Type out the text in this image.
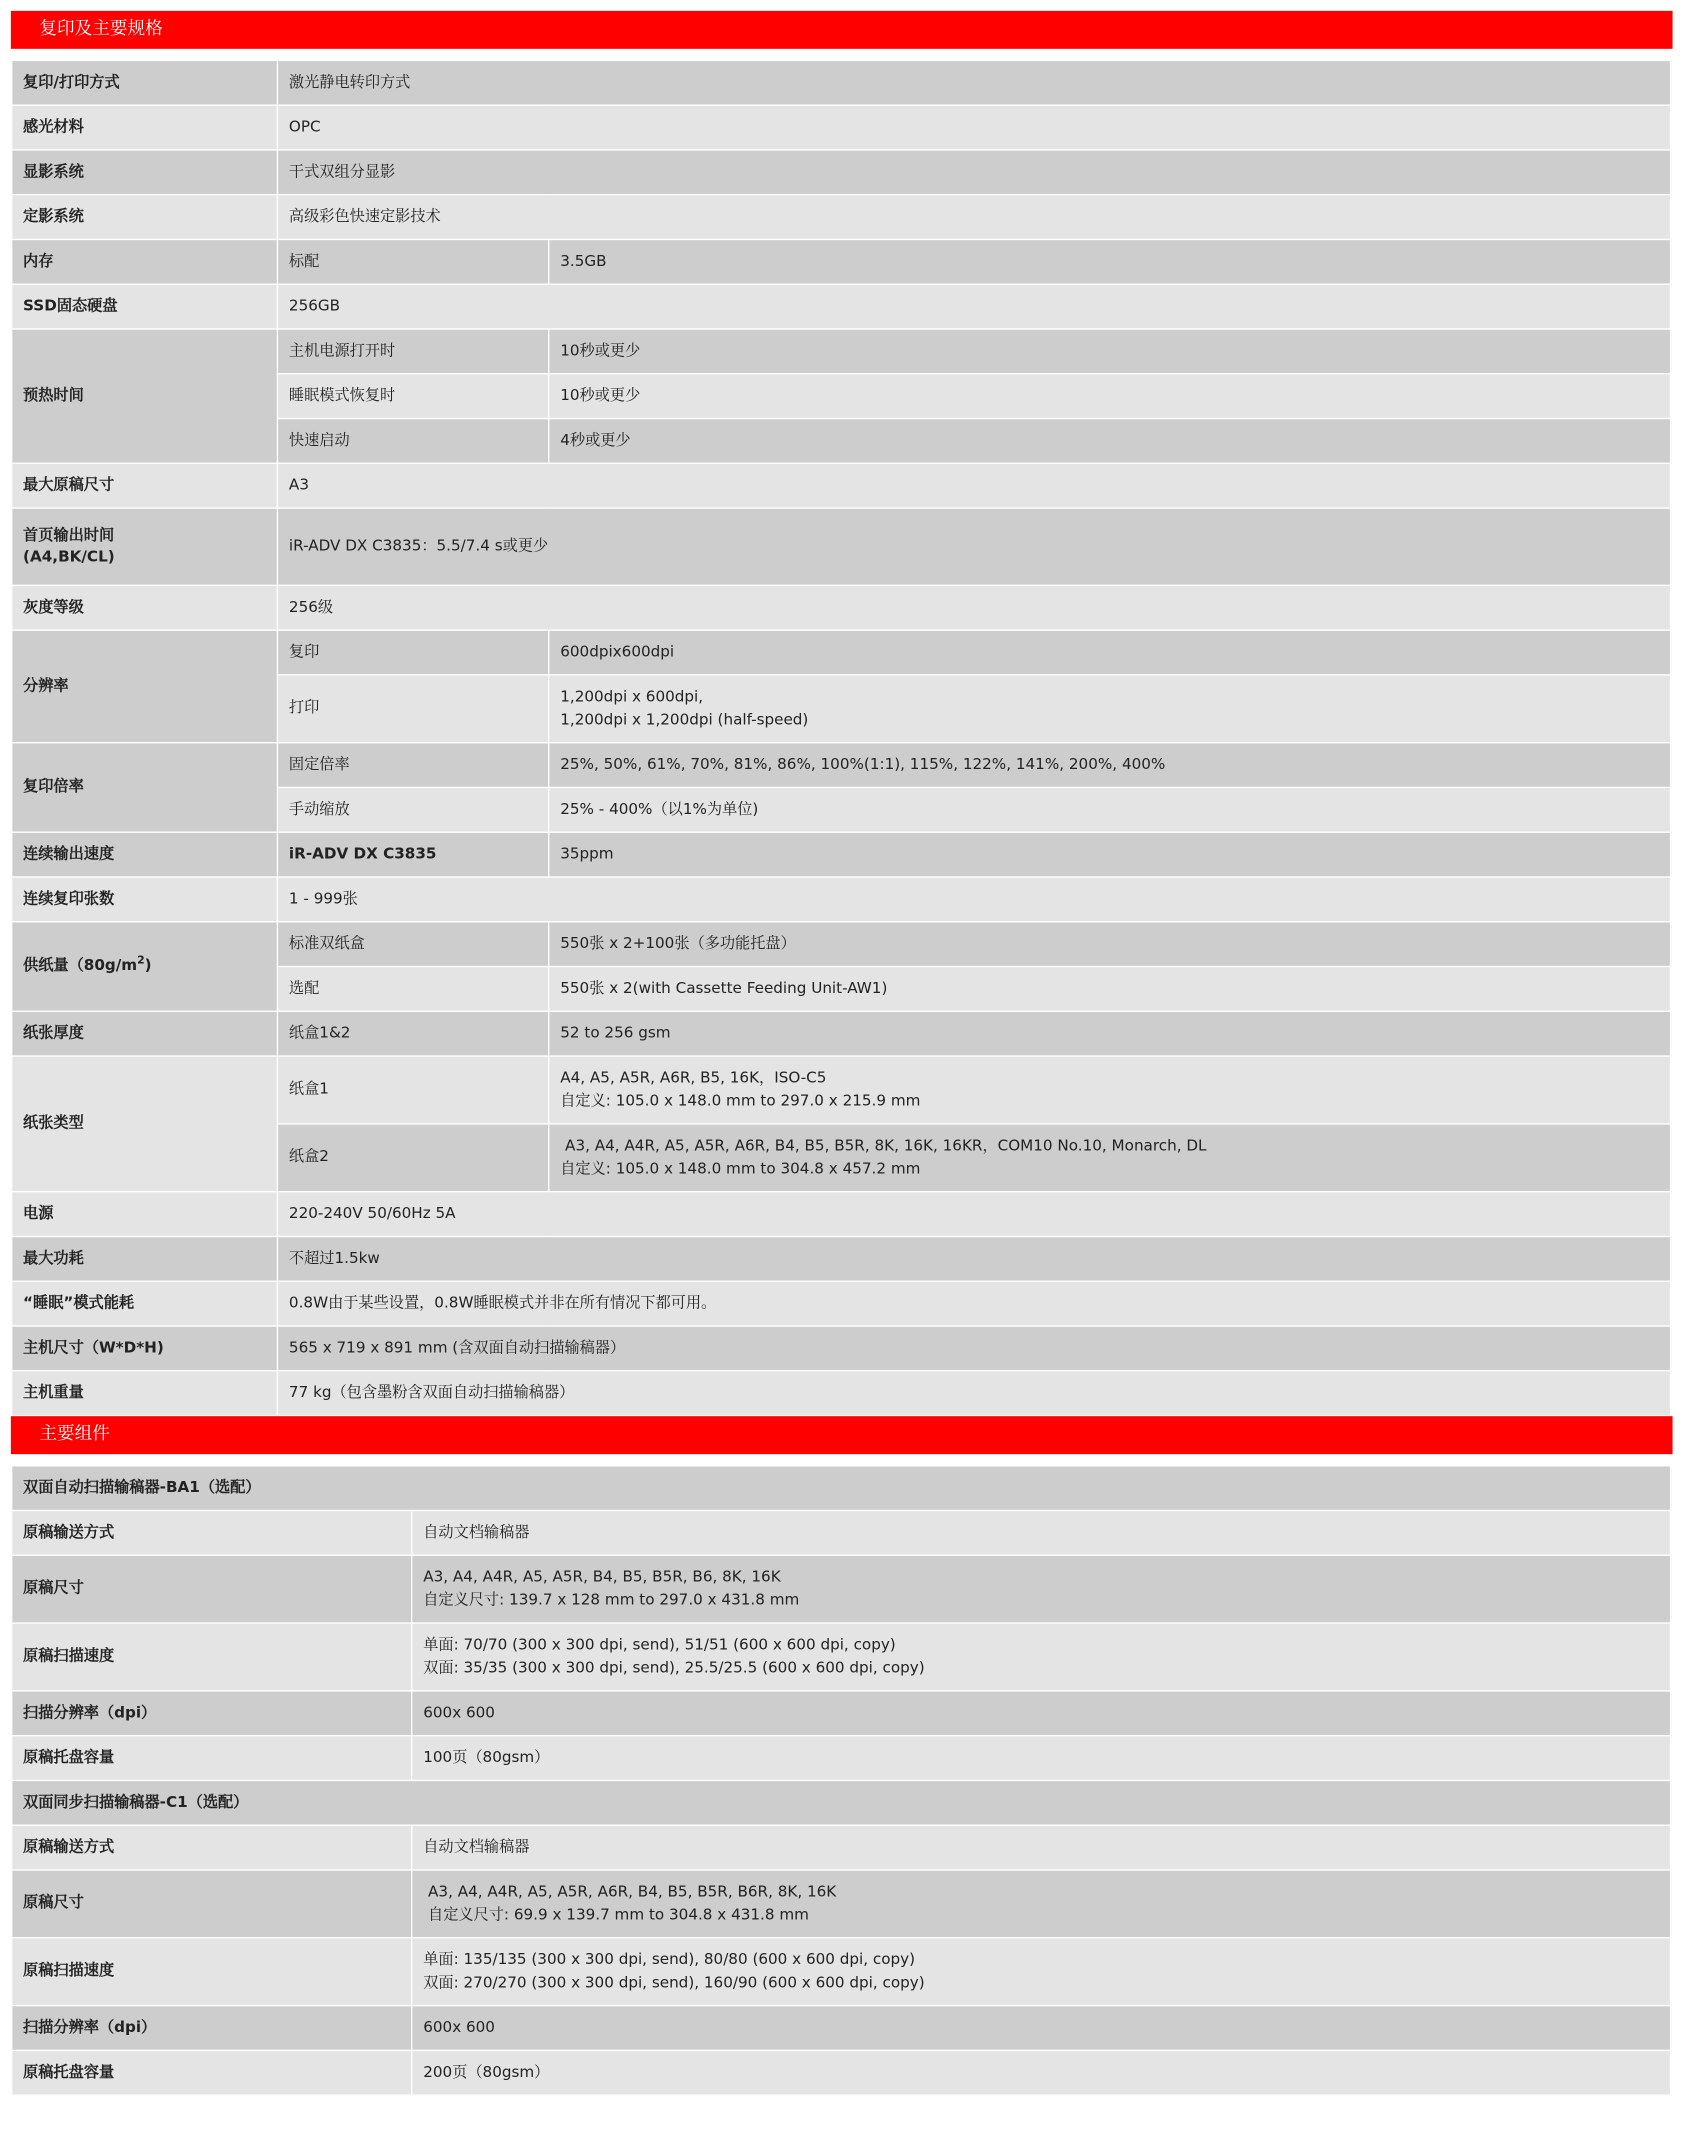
复印及主要规格
复印/打印方式	激光静电转印方式	
感光材料	OPC	
显影系统	干式双组分显影	
定影系统	高级彩色快速定影技术	
内存	标配	3.5GB
SSD固态硬盘	256GB	
预热时间	主机电源打开时	10秒或更少
	睡眠模式恢复时	10秒或更少
	快速启动	4秒或更少
最大原稿尺寸	A3	

首页输出时间
(A4,BK/CL)	iR-ADV DX C3835：5.5/7.4 s或更少	
灰度等级	256级	
分辨率	复印	600dpix600dpi
	打印	1,200dpi x 600dpi,
1,200dpi x 1,200dpi (half-speed)

复印倍率	固定倍率	25%, 50%, 61%, 70%, 81%, 86%, 100%(1:1), 115%, 122%, 141%, 200%, 400%
	手动缩放	25% - 400%（以1%为单位)
连续输出速度	iR-ADV DX C3835	35ppm
连续复印张数	1 - 999张	
供纸量$(80g/m^2)$	标准双纸盒	550张 x 2+100张（多功能托盘）
	选配	550张 x 2(with Cassette Feeding Unit-AW1)
纸张厚度	纸盒1&2	52 to 256 gsm
纸张类型	纸盒1	A4, A5, A5R, A6R, B5, 16K，ISO-C5
自定义: 105.0 x 148.0 mm to 297.0 x 215.9 mm

	纸盒2	A3, A4, A4R, A5, A5R, A6R, B4, B5, B5R, 8K, 16K, 16KR，COM10 No.10, Monarch, DL
自定义: 105.0 x 148.0 mm to 304.8 x 457.2 mm

电源	220-240V 50/60Hz 5A	
最大功耗	不超过1.5kw	
“睡眠”模式能耗	0.8W由于某些设置，0.8W睡眠模式并非在所有情况下都可用。	
主机尺寸（W*D*H)	565 x 719 x 891 mm (含双面自动扫描输稿器）	
主机重量	77 kg（包含墨粉含双面自动扫描输稿器）	
主要组件
双面自动扫描输稿器-BA1（选配）	
原稿输送方式	自动文档输稿器
原稿尺寸	A3, A4, A4R, A5, A5R, B4, B5, B5R, B6, 8K, 16K
自定义尺寸: 139.7 x 128 mm to 297.0 x 431.8 mm

原稿扫描速度	单面: 70/70 (300 x 300 dpi, send), 51/51 (600 x 600 dpi, copy)
双面: 35/35 (300 x 300 dpi, send), 25.5/25.5 (600 x 600 dpi, copy)

扫描分辨率（dpi）	600x 600
原稿托盘容量	100页（80gsm）
双面同步扫描输稿器-C1（选配）	
原稿输送方式	自动文档输稿器
原稿尺寸	A3, A4, A4R, A5, A5R, A6R, B4, B5, B5R, B6R, 8K, 16K
自定义尺寸: 69.9 x 139.7 mm to 304.8 x 431.8 mm

原稿扫描速度	单面: 135/135 (300 x 300 dpi, send), 80/80 (600 x 600 dpi, copy)
双面: 270/270 (300 x 300 dpi, send), 160/90 (600 x 600 dpi, copy)

扫描分辨率（dpi）	600x 600
原稿托盘容量	200页（80gsm）
